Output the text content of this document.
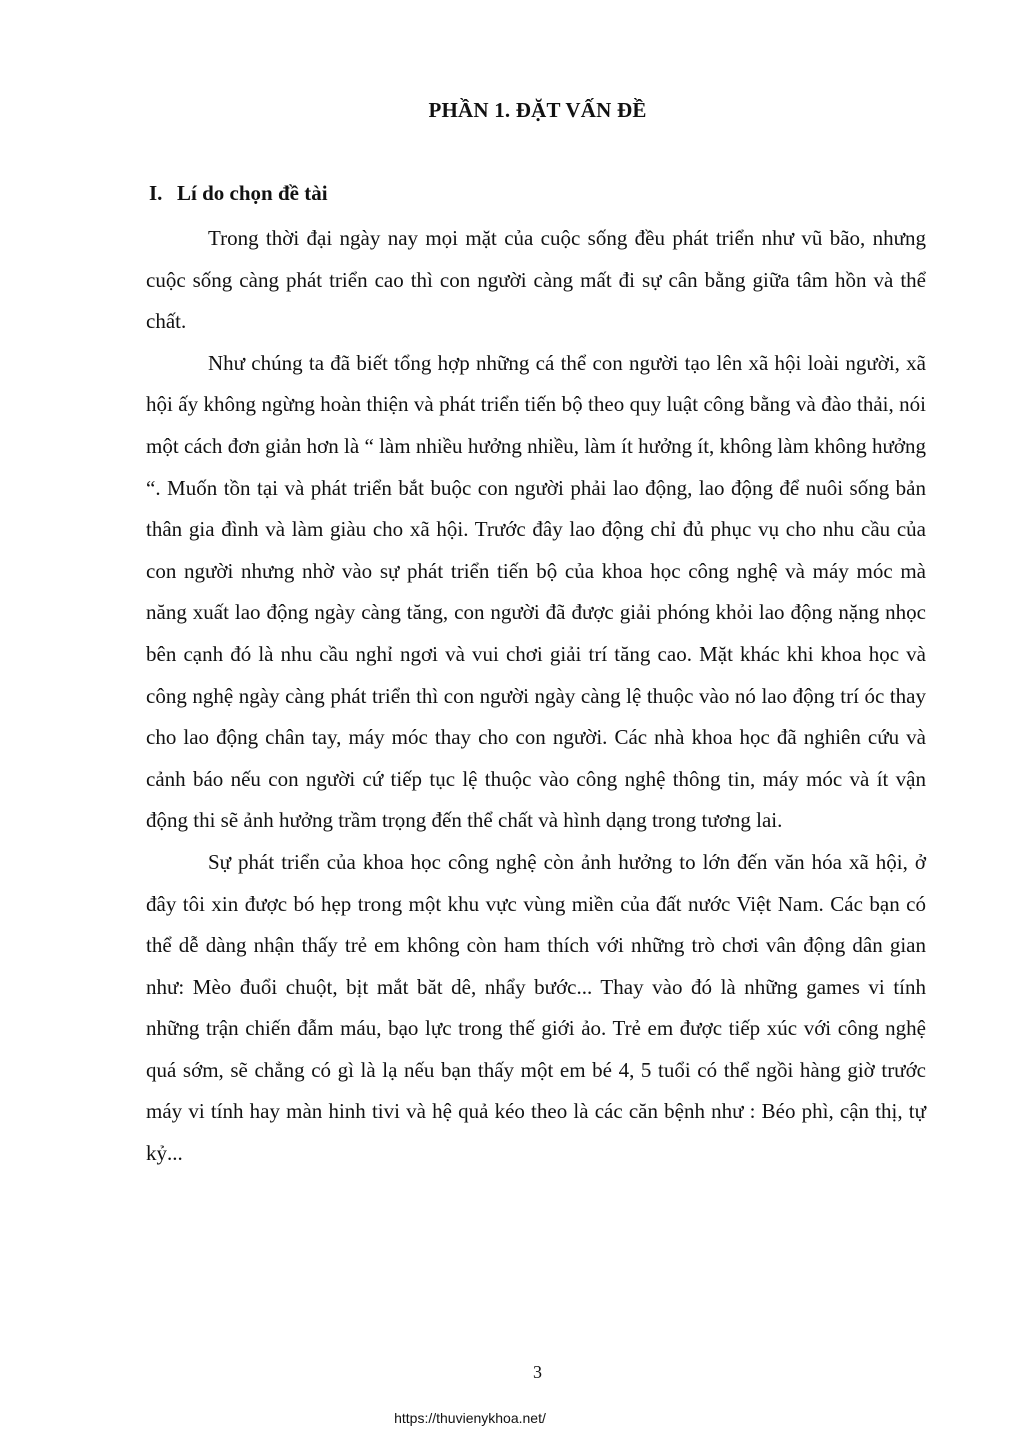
PHẦN 1. ĐẶT VẤN ĐỀ
I. Lí do chọn đề tài

Trong thời đại ngày nay mọi mặt của cuộc sống đều phát triển như vũ bão, nhưng cuộc sống càng phát triển cao thì con người càng mất đi sự cân bằng giữa tâm hồn và thể chất.

Như chúng ta đã biết tổng hợp những cá thể con người tạo lên xã hội loài người, xã hội ấy không ngừng hoàn thiện và phát triển tiến bộ theo quy luật công bằng và đào thải, nói một cách đơn giản hơn là “ làm nhiều hưởng nhiều, làm ít hưởng ít, không làm không hưởng “. Muốn tồn tại và phát triển bắt buộc con người phải lao động, lao động để nuôi sống bản thân gia đình và làm giàu cho xã hội. Trước đây lao động chỉ đủ phục vụ cho nhu cầu của con người nhưng nhờ vào sự phát triển tiến bộ của khoa học công nghệ và máy móc mà năng xuất lao động ngày càng tăng, con người đã được giải phóng khỏi lao động nặng nhọc bên cạnh đó là nhu cầu nghỉ ngơi và vui chơi giải trí tăng cao. Mặt khác khi khoa học và công nghệ ngày càng phát triển thì con người ngày càng lệ thuộc vào nó lao động trí óc thay cho lao động chân tay, máy móc thay cho con người. Các nhà khoa học đã nghiên cứu và cảnh báo nếu con người cứ tiếp tục lệ thuộc vào công nghệ thông tin, máy móc và ít vận động thi sẽ ảnh hưởng trầm trọng đến thể chất và hình dạng trong tương lai.

Sự phát triển của khoa học công nghệ còn ảnh hưởng to lớn đến văn hóa xã hội, ở đây tôi xin được bó hẹp trong một khu vực vùng miền của đất nước Việt Nam. Các bạn có thể dễ dàng nhận thấy trẻ em không còn ham thích với những trò chơi vân động dân gian như: Mèo đuổi chuột, bịt mắt băt dê, nhẩy bước... Thay vào đó là những games vi tính những trận chiến đẫm máu, bạo lực trong thế giới ảo. Trẻ em được tiếp xúc với công nghệ quá sớm, sẽ chẳng có gì là lạ nếu bạn thấy một em bé 4, 5 tuổi có thể ngồi hàng giờ trước máy vi tính hay màn hinh tivi và hệ quả kéo theo là các căn bệnh như : Béo phì, cận thị, tự kỷ...

3
https://thuvienykhoa.net/
